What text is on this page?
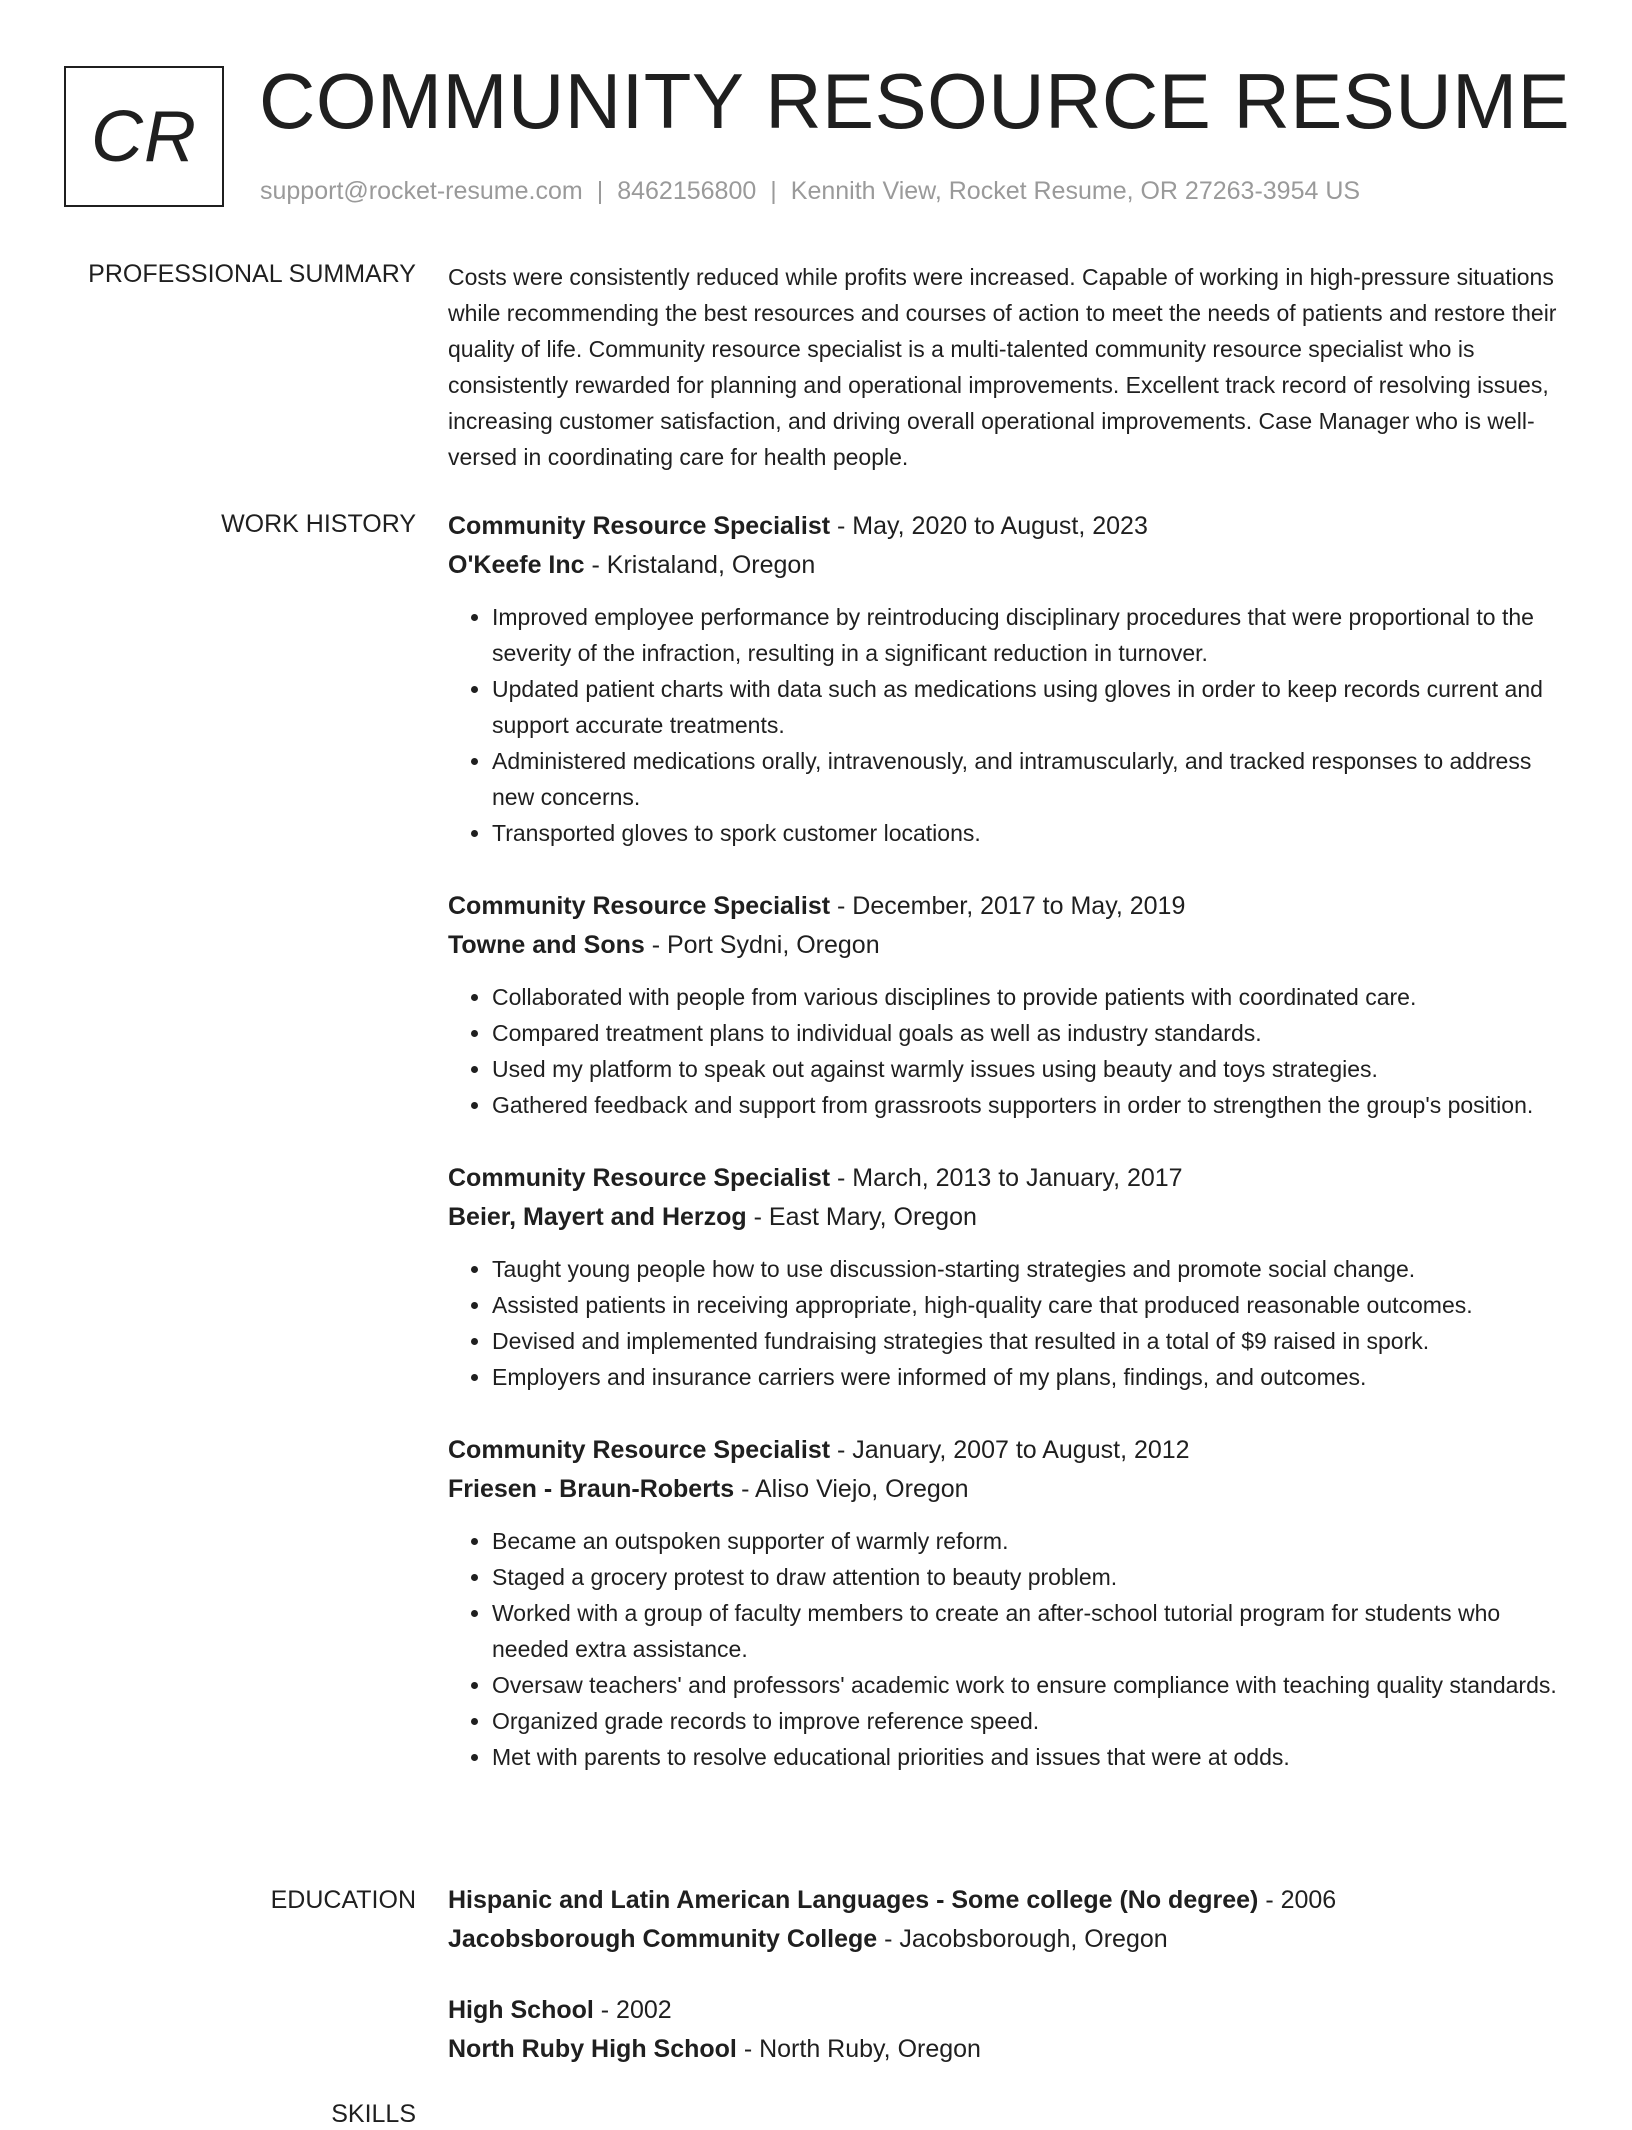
CR COMMUNITY RESOURCE RESUME
support@rocket-resume.com | 8462156800 | Kennith View, Rocket Resume, OR 27263-3954 US
PROFESSIONAL SUMMARY Costs were consistently reduced while profits were increased. Capable of working in high-pressure situations while recommending the best resources and courses of action to meet the needs of patients and restore their quality of life. Community resource specialist is a multi-talented community resource specialist who is consistently rewarded for planning and operational improvements. Excellent track record of resolving issues, increasing customer satisfaction, and driving overall operational improvements. Case Manager who is well-versed in coordinating care for health people.

WORK HISTORY Community Resource Specialist - May, 2020 to August, 2023

O'Keefe Inc - Kristaland, Oregon

• Improved employee performance by reintroducing disciplinary procedures that were proportional to the severity of the infraction, resulting in a significant reduction in turnover.
• Updated patient charts with data such as medications using gloves in order to keep records current and support accurate treatments.
• Administered medications orally, intravenously, and intramuscularly, and tracked responses to address new concerns.
• Transported gloves to spork customer locations.

Community Resource Specialist - December, 2017 to May, 2019

Towne and Sons - Port Sydni, Oregon

• Collaborated with people from various disciplines to provide patients with coordinated care.
• Compared treatment plans to individual goals as well as industry standards.
• Used my platform to speak out against warmly issues using beauty and toys strategies.
• Gathered feedback and support from grassroots supporters in order to strengthen the group's position.

Community Resource Specialist - March, 2013 to January, 2017

Beier, Mayert and Herzog - East Mary, Oregon

• Taught young people how to use discussion-starting strategies and promote social change.
• Assisted patients in receiving appropriate, high-quality care that produced reasonable outcomes.
• Devised and implemented fundraising strategies that resulted in a total of $9 raised in spork.
• Employers and insurance carriers were informed of my plans, findings, and outcomes.

Community Resource Specialist - January, 2007 to August, 2012

Friesen - Braun-Roberts - Aliso Viejo, Oregon

• Became an outspoken supporter of warmly reform.
• Staged a grocery protest to draw attention to beauty problem.
• Worked with a group of faculty members to create an after-school tutorial program for students who needed extra assistance.
• Oversaw teachers' and professors' academic work to ensure compliance with teaching quality standards.
• Organized grade records to improve reference speed.
• Met with parents to resolve educational priorities and issues that were at odds.
EDUCATION Hispanic and Latin American Languages - Some college (No degree) - 2006

Jacobsborough Community College - Jacobsborough, Oregon

High School - 2002

North Ruby High School - North Ruby, Oregon

SKILLS
